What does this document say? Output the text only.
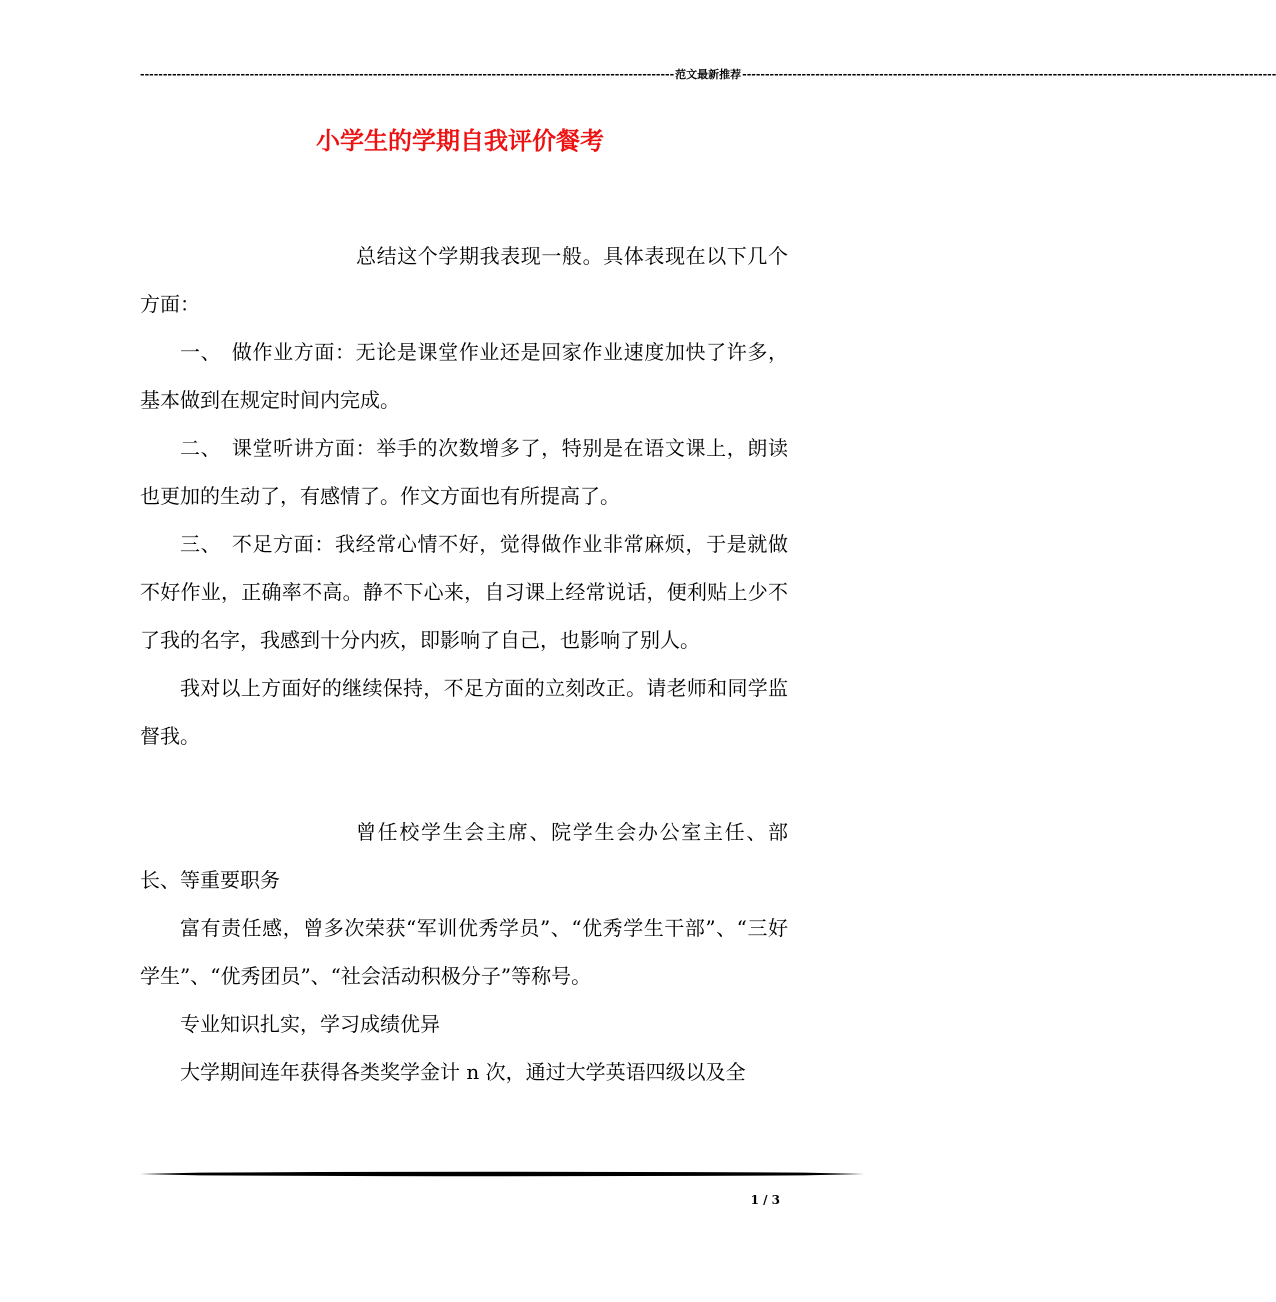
--------------------------------------------------------------------------------------------------------------------- 范文最新推荐 ---------------------------------------------------------------------------------------------------------------------
小学生的学期自我评价餐考

总结这个学期我表现一般。具体表现在以下几个方面：

一、　做作业方面：无论是课堂作业还是回家作业速度加快了许多，基本做到在规定时间内完成。

二、　课堂听讲方面：举手的次数增多了，特别是在语文课上，朗读也更加的生动了，有感情了。作文方面也有所提高了。

三、　不足方面：我经常心情不好，觉得做作业非常麻烦，于是就做不好作业，正确率不高。静不下心来，自习课上经常说话，便利贴上少不了我的名字，我感到十分内疚，即影响了自己，也影响了别人。

我对以上方面好的继续保持，不足方面的立刻改正。请老师和同学监督我。

曾任校学生会主席、院学生会办公室主任、部长、等重要职务

富有责任感，曾多次荣获“军训优秀学员”、“优秀学生干部”、“三好学生”、“优秀团员”、“社会活动积极分子”等称号。

专业知识扎实，学习成绩优异

大学期间连年获得各类奖学金计 n 次，通过大学英语四级以及全

1 / 3
